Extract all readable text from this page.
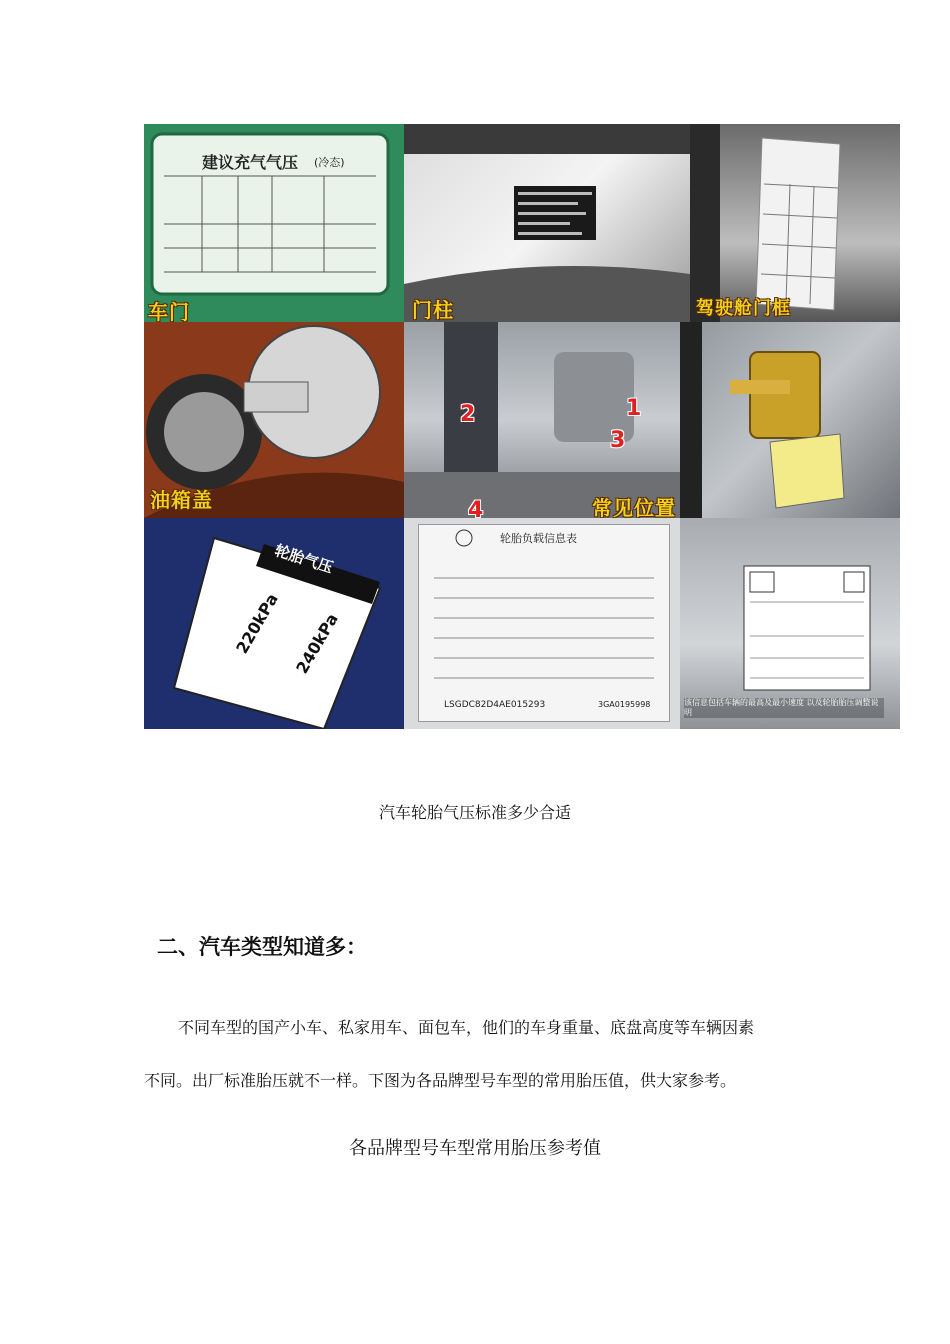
建议充气气压 (冷态)
车门	门柱	驾驶舱门框
油箱盖
1
2
3
4	常见位置
轮胎气压
220kPa 240kPa
轮胎负载信息表
LSGDC82D4AE015293	3GA0195998	该信息包括车辆的最高及最小速度 以及轮胎胎压调整说明
汽车轮胎气压标准多少合适
二、汽车类型知道多：
不同车型的国产小车、私家用车、面包车，他们的车身重量、底盘高度等车辆因素
不同。出厂标准胎压就不一样。下图为各品牌型号车型的常用胎压值，供大家参考。
各品牌型号车型常用胎压参考值
